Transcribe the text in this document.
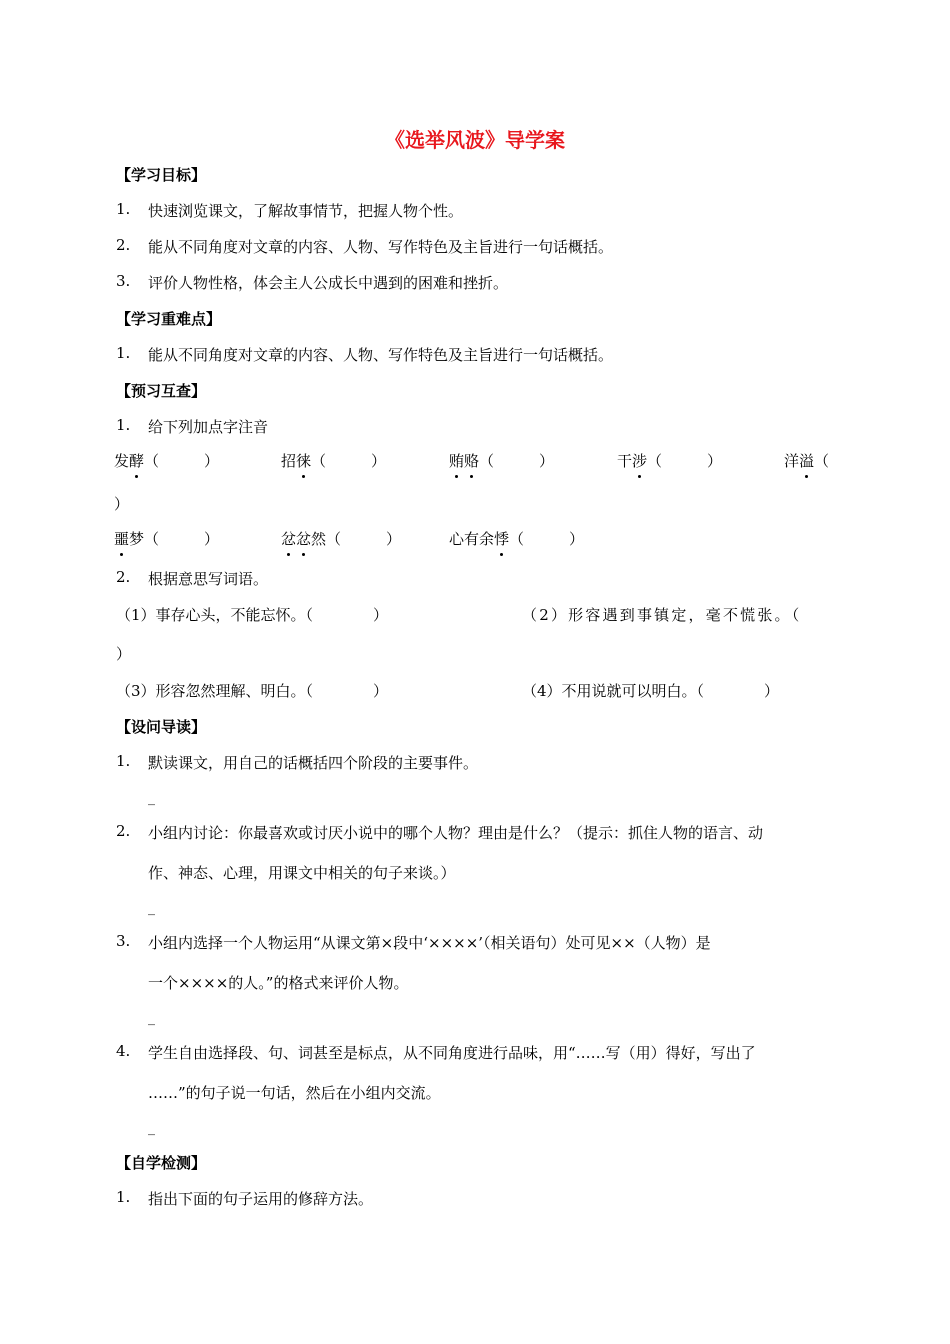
《选举风波》导学案
【学习目标】
1. 快速浏览课文，了解故事情节，把握人物个性。
2. 能从不同角度对文章的内容、人物、写作特色及主旨进行一句话概括。
3. 评价人物性格，体会主人公成长中遇到的困难和挫折。
【学习重难点】
1. 能从不同角度对文章的内容、人物、写作特色及主旨进行一句话概括。
【预习互查】
1. 给下列加点字注音
发酵（　　　）	招徕（　　　）	贿赂（　　　）	干涉（　　　）	洋溢（
）
噩梦（　　　）	忿忿然（　　　）	心有余悸（　　　）
2. 根据意思写词语。
（1）事存心头，不能忘怀。（　　　　）	（2）形容遇到事镇定，毫不慌张。（
）
（3）形容忽然理解、明白。（　　　　）	（4）不用说就可以明白。（　　　　）
【设问导读】
1. 默读课文，用自己的话概括四个阶段的主要事件。
_
2. 小组内讨论：你最喜欢或讨厌小说中的哪个人物？理由是什么？（提示：抓住人物的语言、动
作、神态、心理，用课文中相关的句子来谈。）
_
3. 小组内选择一个人物运用“从课文第×段中‘××××’（相关语句）处可见××（人物）是
一个××××的人。”的格式来评价人物。
_
4. 学生自由选择段、句、词甚至是标点，从不同角度进行品味，用“……写（用）得好，写出了
……”的句子说一句话，然后在小组内交流。
_
【自学检测】
1. 指出下面的句子运用的修辞方法。
